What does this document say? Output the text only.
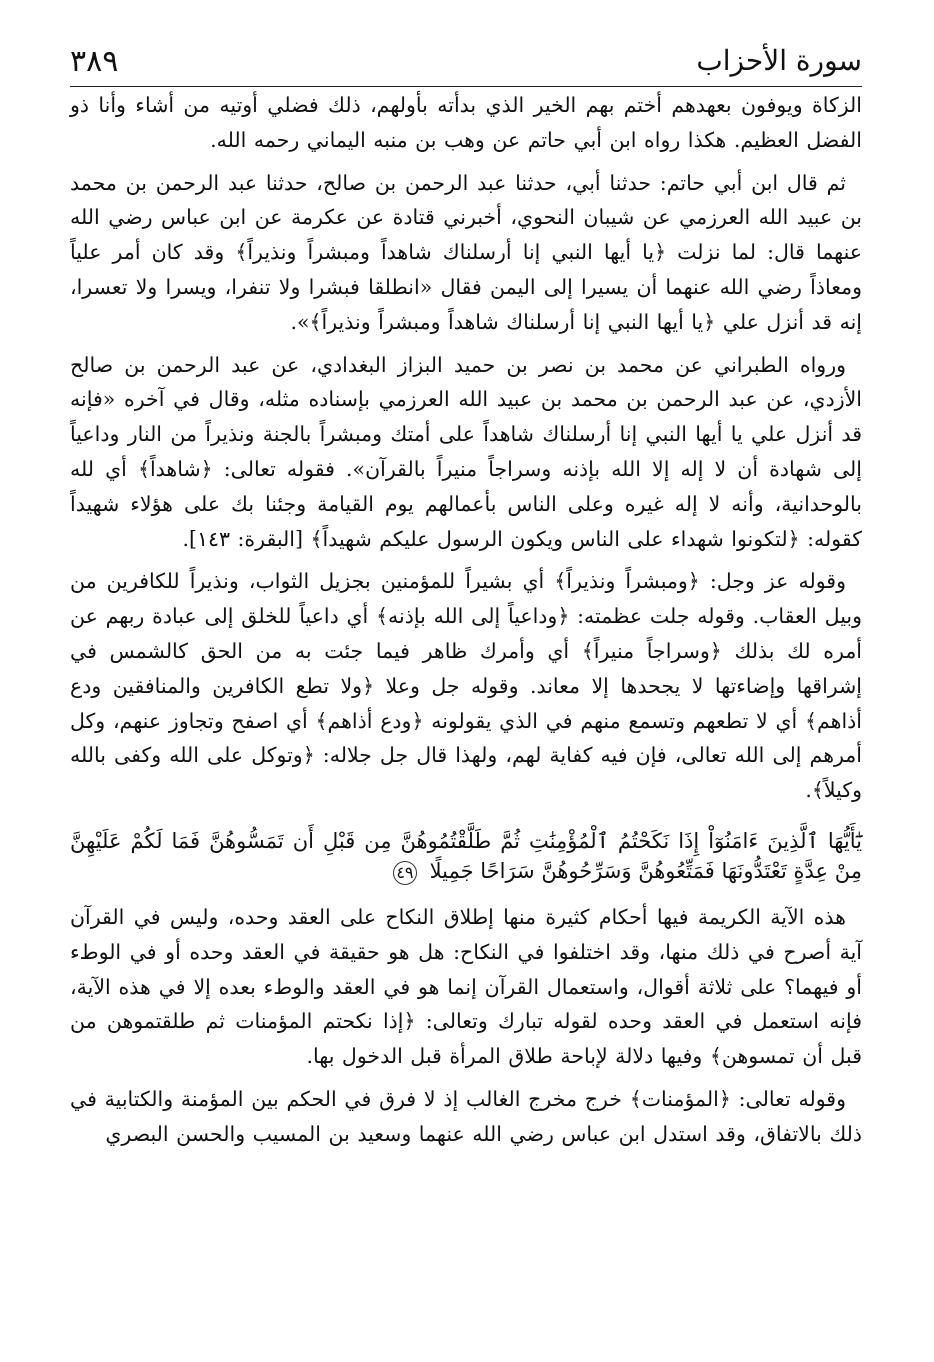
٣٨٩	سورة الأحزاب

الزكاة ويوفون بعهدهم أختم بهم الخير الذي بدأته بأولهم، ذلك فضلي أوتيه من أشاء وأنا ذو الفضل العظيم. هكذا رواه ابن أبي حاتم عن وهب بن منبه اليماني رحمه الله.

ثم قال ابن أبي حاتم: حدثنا أبي، حدثنا عبد الرحمن بن صالح، حدثنا عبد الرحمن بن محمد بن عبيد الله العرزمي عن شيبان النحوي، أخبرني قتادة عن عكرمة عن ابن عباس رضي الله عنهما قال: لما نزلت ﴿يا أيها النبي إنا أرسلناك شاهداً ومبشراً ونذيراً﴾ وقد كان أمر علياً ومعاذاً رضي الله عنهما أن يسيرا إلى اليمن فقال «انطلقا فبشرا ولا تنفرا، ويسرا ولا تعسرا، إنه قد أنزل علي ﴿يا أيها النبي إنا أرسلناك شاهداً ومبشراً ونذيراً﴾».

ورواه الطبراني عن محمد بن نصر بن حميد البزاز البغدادي، عن عبد الرحمن بن صالح الأزدي، عن عبد الرحمن بن محمد بن عبيد الله العرزمي بإسناده مثله، وقال في آخره «فإنه قد أنزل علي يا أيها النبي إنا أرسلناك شاهداً على أمتك ومبشراً بالجنة ونذيراً من النار وداعياً إلى شهادة أن لا إله إلا الله بإذنه وسراجاً منيراً بالقرآن». فقوله تعالى: ﴿شاهداً﴾ أي لله بالوحدانية، وأنه لا إله غيره وعلى الناس بأعمالهم يوم القيامة وجئنا بك على هؤلاء شهيداً كقوله: ﴿لتكونوا شهداء على الناس ويكون الرسول عليكم شهيداً﴾ [البقرة: ١٤٣].

وقوله عز وجل: ﴿ومبشراً ونذيراً﴾ أي بشيراً للمؤمنين بجزيل الثواب، ونذيراً للكافرين من وبيل العقاب. وقوله جلت عظمته: ﴿وداعياً إلى الله بإذنه﴾ أي داعياً للخلق إلى عبادة ربهم عن أمره لك بذلك ﴿وسراجاً منيراً﴾ أي وأمرك ظاهر فيما جئت به من الحق كالشمس في إشراقها وإضاءتها لا يجحدها إلا معاند. وقوله جل وعلا ﴿ولا تطع الكافرين والمنافقين ودع أذاهم﴾ أي لا تطعهم وتسمع منهم في الذي يقولونه ﴿ودع أذاهم﴾ أي اصفح وتجاوز عنهم، وكل أمرهم إلى الله تعالى، فإن فيه كفاية لهم، ولهذا قال جل جلاله: ﴿وتوكل على الله وكفى بالله وكيلاً﴾.

يَٰٓأَيُّهَا ٱلَّذِينَ ءَامَنُوٓاْ إِذَا نَكَحْتُمُ ٱلْمُؤْمِنَٰتِ ثُمَّ طَلَّقْتُمُوهُنَّ مِن قَبْلِ أَن تَمَسُّوهُنَّ فَمَا لَكُمْ عَلَيْهِنَّ مِنْ عِدَّةٍ تَعْتَدُّونَهَا فَمَتِّعُوهُنَّ وَسَرِّحُوهُنَّ سَرَاحًا جَمِيلًا ٤٩

هذه الآية الكريمة فيها أحكام كثيرة منها إطلاق النكاح على العقد وحده، وليس في القرآن آية أصرح في ذلك منها، وقد اختلفوا في النكاح: هل هو حقيقة في العقد وحده أو في الوطء أو فيهما؟ على ثلاثة أقوال، واستعمال القرآن إنما هو في العقد والوطء بعده إلا في هذه الآية، فإنه استعمل في العقد وحده لقوله تبارك وتعالى: ﴿إذا نكحتم المؤمنات ثم طلقتموهن من قبل أن تمسوهن﴾ وفيها دلالة لإباحة طلاق المرأة قبل الدخول بها.

وقوله تعالى: ﴿المؤمنات﴾ خرج مخرج الغالب إذ لا فرق في الحكم بين المؤمنة والكتابية في ذلك بالاتفاق، وقد استدل ابن عباس رضي الله عنهما وسعيد بن المسيب والحسن البصري
